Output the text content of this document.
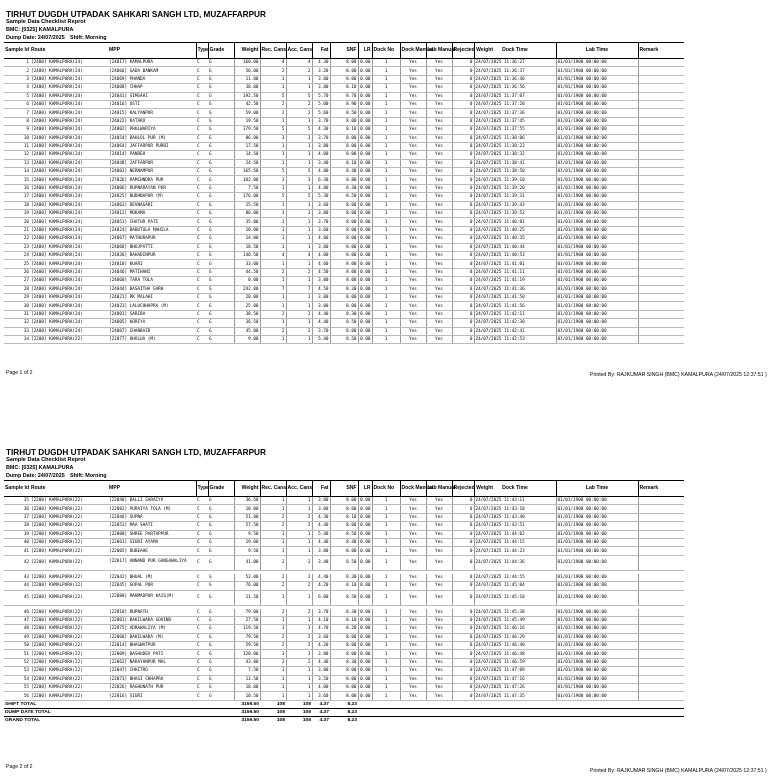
TIRHUT DUGDH UTPADAK SAHKARI SANGH LTD, MUZAFFARPUR
Sample Data Checklist Reprot
BMC: [0325] KAMALPURA
Dump Date: 24/07/2025 Shift: Morning
Sample Id	Route	MPP	Type	Grade	Weight	Rec. Cans	Acc. Cans	Fat	SNF	LR	Dock No	Dock Manual	Lab Manual	Rejected Weight	Dock Time	Lab Time	Remark
1	[2400] KAMALPURA(24)	[24017] KAMALPURA	C	G	160.00	4	4	4.30	8.00	0.00	1	Yes	Yes	0	24/07/2025 11:36:27	01/01/1900 00:00:00	
2	[2400] KAMALPURA(24)	[24066] GADA BANKAM	C	G	56.00	2	2	3.20	8.00	0.00	1	Yes	Yes	0	24/07/2025 11:36:37	01/01/1900 00:00:00	
3	[2400] KAMALPURA(24)	[24069] PHANDA	C	G	11.00	1	1	3.00	8.00	0.00	1	Yes	Yes	0	24/07/2025 11:36:46	01/01/1900 00:00:00	
4	[2400] KAMALPURA(24)	[24008] CHHAP	C	G	38.00	1	1	3.80	8.10	0.00	1	Yes	Yes	0	24/07/2025 11:36:56	01/01/1900 00:00:00	
5	[2400] KAMALPURA(24)	[24041] SIMGAHI	C	G	192.50	5	5	5.70	8.70	0.00	1	Yes	Yes	0	24/07/2025 11:37:07	01/01/1900 00:00:00	
6	[2400] KAMALPURA(24)	[24016] USTI	C	G	42.50	2	2	5.00	8.90	0.00	1	Yes	Yes	0	24/07/2025 11:37:20	01/01/1900 00:00:00	
7	[2400] KAMALPURA(24)	[24015] KALYANPUR	C	G	59.00	2	2	5.60	8.50	0.00	1	Yes	Yes	0	24/07/2025 11:37:36	01/01/1900 00:00:00	
8	[2400] KAMALPURA(24)	[24022] KATARU	C	G	19.50	1	1	3.70	8.00	0.00	1	Yes	Yes	0	24/07/2025 11:37:45	01/01/1900 00:00:00	
9	[2400] KAMALPURA(24)	[24002] PHULWARIYA	C	G	179.50	5	5	4.30	8.10	0.00	1	Yes	Yes	0	24/07/2025 11:37:55	01/01/1900 00:00:00	
10	[2400] KAMALPURA(24)	[24054] BAHLOL PUR (M)	C	G	86.00	3	3	3.70	8.00	0.00	1	Yes	Yes	0	24/07/2025 11:38:06	01/01/1900 00:00:00	
11	[2400] KAMALPURA(24)	[24064] JAFFARPUR PURBI	C	G	17.50	1	1	3.80	8.00	0.00	1	Yes	Yes	0	24/07/2025 11:38:22	01/01/1900 00:00:00	
12	[2400] KAMALPURA(24)	[24014] PANDEH	C	G	14.50	1	1	4.00	8.00	0.00	1	Yes	Yes	0	24/07/2025 11:38:32	01/01/1900 00:00:00	
13	[2400] KAMALPURA(24)	[24048] JAFFARPUR	C	G	24.50	1	1	3.40	8.10	0.00	1	Yes	Yes	0	24/07/2025 11:38:41	01/01/1900 00:00:00	
14	[2400] KAMALPURA(24)	[24003] NERNAMPUR	C	G	165.50	5	5	4.80	8.40	0.00	1	Yes	Yes	0	24/07/2025 11:38:50	01/01/1900 00:00:00	
15	[2400] KAMALPURA(24)	[27026] RAMCHNDRA PUR	C	G	102.00	3	3	6.30	8.80	0.00	1	Yes	Yes	0	24/07/2025 11:39:10	01/01/1900 00:00:00	
16	[2400] KAMALPURA(24)	[24006] RUPNARAYAN PUR	C	G	7.50	1	1	4.00	8.30	0.00	1	Yes	Yes	0	24/07/2025 11:39:20	01/01/1900 00:00:00	
17	[2400] KAMALPURA(24)	[24025] BUDHNAPUR (M)	C	G	176.00	5	5	5.30	8.50	0.00	1	Yes	Yes	0	24/07/2025 11:39:31	01/01/1900 00:00:00	
18	[2400] KAMALPURA(24)	[24063] DEVNAGARI	C	G	15.50	1	1	3.60	8.00	0.00	1	Yes	Yes	0	24/07/2025 11:39:43	01/01/1900 00:00:00	
19	[2400] KAMALPURA(24)	[24012] MOKAMA	C	G	86.00	3	3	3.80	8.00	0.00	1	Yes	Yes	0	24/07/2025 11:39:52	01/01/1900 00:00:00	
20	[2400] KAMALPURA(24)	[24051] CHATUR PATI	C	G	35.00	1	1	3.70	8.00	0.00	1	Yes	Yes	0	24/07/2025 11:40:01	01/01/1900 00:00:00	
21	[2400] KAMALPURA(24)	[24024] BABUTOLA MAHILA	C	G	10.00	1	1	3.60	8.00	0.00	1	Yes	Yes	0	24/07/2025 11:40:25	01/01/1900 00:00:00	
22	[2400] KAMALPURA(24)	[24067] MATHURAPUR	C	G	14.00	1	1	4.00	8.00	0.00	1	Yes	Yes	0	24/07/2025 11:40:35	01/01/1900 00:00:00	
23	[2400] KAMALPURA(24)	[24068] BHOJPATTI	C	G	18.50	1	1	3.00	8.00	0.00	1	Yes	Yes	0	24/07/2025 11:40:44	01/01/1900 00:00:00	
24	[2400] KAMALPURA(24)	[24036] BAHADINPUR	C	G	140.50	4	4	4.00	8.00	0.00	1	Yes	Yes	0	24/07/2025 11:40:53	01/01/1900 00:00:00	
25	[2400] KAMALPURA(24)	[24010] KUARI	C	G	33.00	1	1	4.60	8.00	0.00	1	Yes	Yes	0	24/07/2025 11:41:01	01/01/1900 00:00:00	
26	[2400] KAMALPURA(24)	[24046] MATIHANI	C	G	44.50	2	2	4.50	8.00	0.00	1	Yes	Yes	0	24/07/2025 11:41:11	01/01/1900 00:00:00	
27	[2400] KAMALPURA(24)	[24060] TARA TOLA	C	G	8.00	1	1	3.00	8.00	0.00	1	Yes	Yes	0	24/07/2025 11:41:19	01/01/1900 00:00:00	
28	[2400] KAMALPURA(24)	[24044] BASAITHA GARH	C	G	242.00	7	7	4.50	8.30	0.00	1	Yes	Yes	0	24/07/2025 11:41:36	01/01/1900 00:00:00	
29	[2400] KAMALPURA(24)	[24021] RK MALAHI	C	G	20.00	1	1	3.00	8.00	0.00	1	Yes	Yes	0	24/07/2025 11:41:50	01/01/1900 00:00:00	
30	[2400] KAMALPURA(24)	[24023] LALUCHHAPRA (M)	C	G	25.00	1	1	3.00	8.00	0.00	1	Yes	Yes	0	24/07/2025 11:41:56	01/01/1900 00:00:00	
31	[2400] KAMALPURA(24)	[24001] SARIBA	C	G	38.50	2	2	4.40	8.30	0.00	1	Yes	Yes	0	24/07/2025 11:42:11	01/01/1900 00:00:00	
32	[2400] KAMALPURA(24)	[24005] KORIYA	C	G	36.50	1	1	4.40	8.50	0.00	1	Yes	Yes	0	24/07/2025 11:42:30	01/01/1900 00:00:00	
33	[2400] KAMALPURA(24)	[24007] CHANBAID	C	G	45.00	2	2	3.70	8.00	0.00	1	Yes	Yes	0	24/07/2025 11:42:41	01/01/1900 00:00:00	
34	[2200] KAMALPURA(22)	[22077] KHOLUA (M)	C	G	9.00	1	1	5.40	8.50	0.00	1	Yes	Yes	0	24/07/2025 11:42:53	01/01/1900 00:00:00	
Page 1 of 2	Printed By: RAJKUMAR SINGH (BMC) KAMALPURA (24/07/2025 12:37:51 )
TIRHUT DUGDH UTPADAK SAHKARI SANGH LTD, MUZAFFARPUR
Sample Data Checklist Reprot
BMC: [0325] KAMALPURA
Dump Date: 24/07/2025 Shift: Morning
Sample Id	Route	MPP	Type	Grade	Weight	Rec. Cans	Acc. Cans	Fat	SNF	LR	Dock No	Dock Manual	Lab Manual	Rejected Weight	Dock Time	Lab Time	Remark
35	[2200] KAMALPURA(22)	[22048] BALLI SARAIYA	C	G	36.50	1	1	3.80	8.00	0.00	1	Yes	Yes	0	24/07/2025 11:43:11	01/01/1900 00:00:00	
36	[2200] KAMALPURA(22)	[22082] PURAIYA TOLA (M)	C	G	18.00	1	1	3.00	8.00	0.00	1	Yes	Yes	0	24/07/2025 11:43:18	01/01/1900 00:00:00	
37	[2200] KAMALPURA(22)	[22046] SUPNA	C	G	51.00	2	2	4.30	8.10	0.00	1	Yes	Yes	0	24/07/2025 11:43:40	01/01/1900 00:00:00	
38	[2200] KAMALPURA(22)	[22053] MAA SHATI	C	G	57.50	2	2	4.40	8.00	0.00	1	Yes	Yes	0	24/07/2025 11:43:51	01/01/1900 00:00:00	
39	[2200] KAMALPURA(22)	[22008] SHREE PARTAPPUR	C	G	9.50	1	1	5.40	8.50	0.00	1	Yes	Yes	0	24/07/2025 11:44:02	01/01/1900 00:00:00	
40	[2200] KAMALPURA(22)	[22061] SIURI AYAMA	C	G	19.00	1	1	4.40	8.40	0.00	1	Yes	Yes	0	24/07/2025 11:44:15	01/01/1900 00:00:00	
41	[2200] KAMALPURA(22)	[22005] DUBEAHE	C	G	9.50	1	1	3.00	8.00	0.00	1	Yes	Yes	0	24/07/2025 11:44:23	01/01/1900 00:00:00	
42	[2200] KAMALPURA(22)	[22017] ANNAND PUR GANGAWALIYA	C	G	41.00	2	2	3.40	8.50	0.00	1	Yes	Yes	0	24/07/2025 11:44:36	01/01/1900 00:00:00	

43	[2200] KAMALPURA(22)	[22042] BHUAL (M)	C	G	52.00	2	2	4.40	8.30	0.00	1	Yes	Yes	0	24/07/2025 11:44:55	01/01/1900 00:00:00	
44	[2200] KAMALPURA(22)	[22045] GOPAL PUR	C	G	76.00	2	2	4.20	8.10	0.00	1	Yes	Yes	0	24/07/2025 11:45:04	01/01/1900 00:00:00	
45	[2200] KAMALPURA(22)	[22080] MAHMADPUR KAIS(M)	C	G	11.50	1	1	6.00	8.50	0.00	1	Yes	Yes	0	24/07/2025 11:45:18	01/01/1900 00:00:00	

46	[2200] KAMALPURA(22)	[22010] RUPNATH	C	G	79.00	2	2	3.70	8.30	0.00	1	Yes	Yes	0	24/07/2025 11:45:38	01/01/1900 00:00:00	
47	[2200] KAMALPURA(22)	[22001] BAKILWARA GOVIND	C	G	27.50	1	1	4.10	8.10	0.00	1	Yes	Yes	0	24/07/2025 11:45:49	01/01/1900 00:00:00	
48	[2200] KAMALPURA(22)	[22075] ADRAWALIYA (M)	C	G	119.50	3	3	4.70	8.20	0.00	1	Yes	Yes	0	24/07/2025 11:46:16	01/01/1900 00:00:00	
49	[2200] KAMALPURA(22)	[22068] BAKILWARA (M)	C	G	79.50	2	2	3.60	8.00	0.00	1	Yes	Yes	0	24/07/2025 11:46:29	01/01/1900 00:00:00	
50	[2200] KAMALPURA(22)	[22014] BHAGWATPUR	C	G	59.50	2	2	4.20	8.00	0.00	1	Yes	Yes	0	24/07/2025 11:46:40	01/01/1900 00:00:00	
51	[2200] KAMALPURA(22)	[22009] BASHUDEV PATI	C	G	120.00	3	3	3.80	8.00	0.00	1	Yes	Yes	0	24/07/2025 11:46:48	01/01/1900 00:00:00	
52	[2200] KAMALPURA(22)	[22062] NARAYANPUR MAL	C	G	43.00	2	2	4.40	8.30	0.00	1	Yes	Yes	0	24/07/2025 11:46:59	01/01/1900 00:00:00	
53	[2200] KAMALPURA(22)	[22047] CHHITRO	C	G	7.50	1	1	3.00	8.00	0.00	1	Yes	Yes	0	24/07/2025 11:47:09	01/01/1900 00:00:00	
54	[2200] KAMALPURA(22)	[22073] BHASI CHHAPRA	C	G	13.50	1	1	3.50	8.00	0.00	1	Yes	Yes	0	24/07/2025 11:47:16	01/01/1900 00:00:00	
55	[2200] KAMALPURA(22)	[22026] RAGHUNATH PUR	C	G	18.00	1	1	4.00	8.00	0.00	1	Yes	Yes	0	24/07/2025 11:47:26	01/01/1900 00:00:00	
56	[2200] KAMALPURA(22)	[22016] SIURI	C	G	10.50	1	1	3.60	8.00	0.00	1	Yes	Yes	0	24/07/2025 11:47:35	01/01/1900 00:00:00	
SHIFT TOTAL					3159.50	108	108	4.37	8.23								
DUMP DATE TOTAL					3159.50	108	108	4.37	8.23								
GRAND TOTAL					3159.50	108	108	4.37	8.23								
Page 2 of 2
Printed By: RAJKUMAR SINGH (BMC) KAMALPURA (24/07/2025 12:37:51 )
